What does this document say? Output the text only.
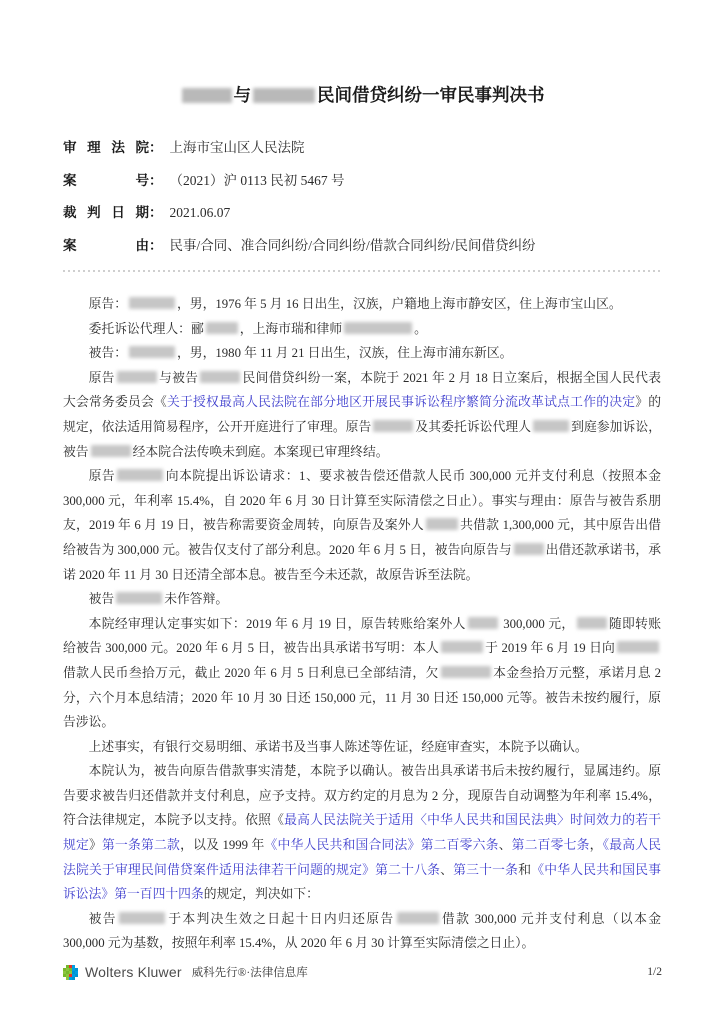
与	民间借贷纠纷一审民事判决书
审理法院 ： 上海市宝山区人民法院
案号 ： （2021）沪 0113 民初 5467 号
裁判日期 ： 2021.06.07
案由 ： 民事/合同、准合同纠纷/合同纠纷/借款合同纠纷/民间借贷纠纷

原告：	，男，1976 年 5 月 16 日出生，汉族，户籍地上海市静安区，住上海市宝山区。

委托诉讼代理人：郦	，上海市瑞和律师	。

被告：	，男，1980 年 11 月 21 日出生，汉族，住上海市浦东新区。

原告	与被告	民间借贷纠纷一案，本院于 2021 年 2 月 18 日立案后，根据全国人民代表大会常务委员会《关于授权最高人民法院在部分地区开展民事诉讼程序繁简分流改革试点工作的决定》的规定，依法适用简易程序，公开开庭进行了审理。原告	及其委托诉讼代理人	到庭参加诉讼，被告	经本院合法传唤未到庭。本案现已审理终结。

原告	向本院提出诉讼请求：1、要求被告偿还借款人民币 300,000 元并支付利息（按照本金 300,000 元，年利率 15.4%，自 2020 年 6 月 30 日计算至实际清偿之日止）。事实与理由：原告与被告系朋友，2019 年 6 月 19 日，被告称需要资金周转，向原告及案外人	共借款 1,300,000 元，其中原告出借给被告为 300,000 元。被告仅支付了部分利息。2020 年 6 月 5 日，被告向原告与	出借还款承诺书，承诺 2020 年 11 月 30 日还清全部本息。被告至今未还款，故原告诉至法院。

被告	未作答辩。

本院经审理认定事实如下：2019 年 6 月 19 日，原告转账给案外人	300,000 元，	随即转账给被告 300,000 元。2020 年 6 月 5 日，被告出具承诺书写明：本人	于 2019 年 6 月 19 日向借款人民币叁拾万元，截止 2020 年 6 月 5 日利息已全部结清，欠	本金叁拾万元整，承诺月息 2 分，六个月本息结清；2020 年 10 月 30 日还 150,000 元，11 月 30 日还 150,000 元等。被告未按约履行，原告涉讼。

上述事实，有银行交易明细、承诺书及当事人陈述等佐证，经庭审查实，本院予以确认。

本院认为，被告向原告借款事实清楚，本院予以确认。被告出具承诺书后未按约履行，显属违约。原告要求被告归还借款并支付利息，应予支持。双方约定的月息为 2 分，现原告自动调整为年利率 15.4%，符合法律规定，本院予以支持。依照《最高人民法院关于适用〈中华人民共和国民法典〉时间效力的若干规定》第一条第二款，以及 1999 年《中华人民共和国合同法》第二百零六条、第二百零七条，《最高人民法院关于审理民间借贷案件适用法律若干问题的规定》第二十八条、第三十一条和《中华人民共和国民事诉讼法》第一百四十四条的规定，判决如下：

被告	于本判决生效之日起十日内归还原告	借款 300,000 元并支付利息（以本金 300,000 元为基数，按照年利率 15.4%，从 2020 年 6 月 30 计算至实际清偿之日止）。

Wolters Kluwer 威科先行®·法律信息库	1/2
